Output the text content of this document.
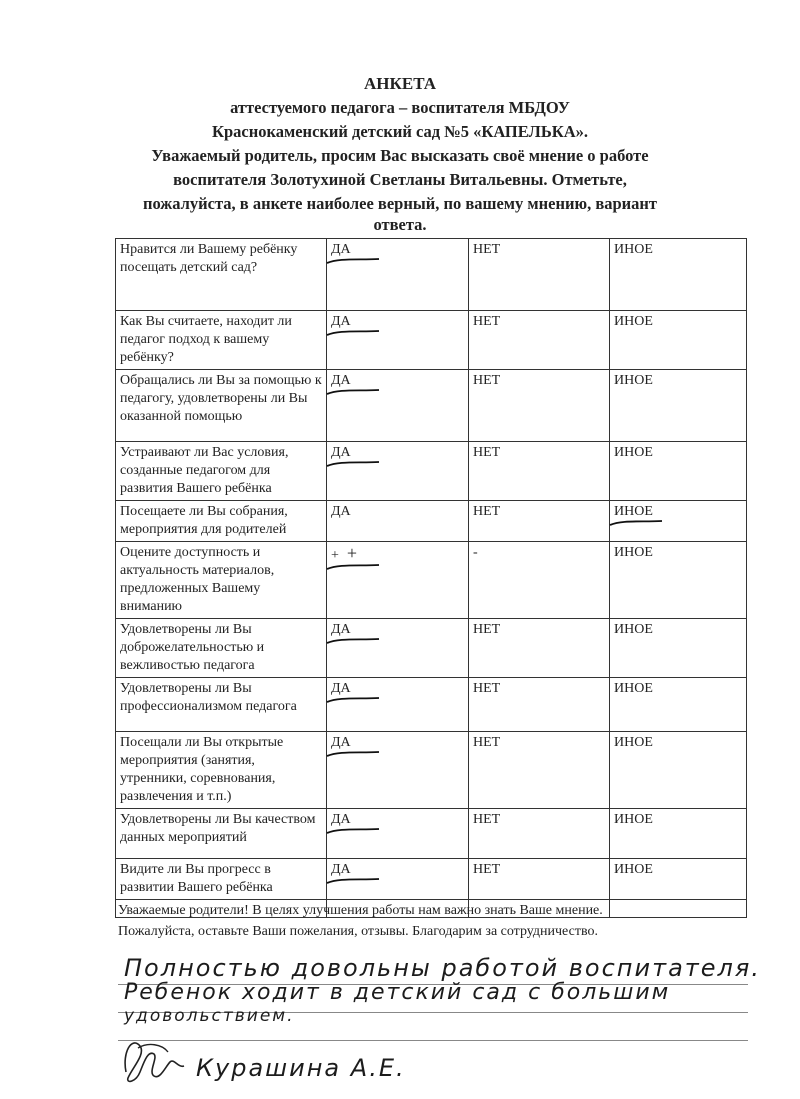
АНКЕТА
аттестуемого педагога – воспитателя МБДОУ
Краснокаменский детский сад №5 «КАПЕЛЬКА».
Уважаемый родитель, просим Вас высказать своё мнение о работе
воспитателя Золотухиной Светланы Витальевны. Отметьте,
пожалуйста, в анкете наиболее верный, по вашему мнению, вариант
ответа.
Нравится ли Вашему ребёнку посещать детский сад?	ДА	НЕТ	ИНОЕ
Как Вы считаете, находит ли педагог подход к вашему ребёнку?	ДА	НЕТ	ИНОЕ
Обращались ли Вы за помощью к педагогу, удовлетворены ли Вы оказанной помощью	ДА	НЕТ	ИНОЕ
Устраивают ли Вас условия, созданные педагогом для развития Вашего ребёнка	ДА	НЕТ	ИНОЕ
Посещаете ли Вы собрания, мероприятия для родителей	ДА	НЕТ	ИНОЕ

Оцените доступность и актуальность материалов, предложенных Вашему вниманию	+ +	-	ИНОЕ
Удовлетворены ли Вы доброжелательностью и вежливостью педагога	ДА	НЕТ	ИНОЕ
Удовлетворены ли Вы профессионализмом педагога	ДА	НЕТ	ИНОЕ
Посещали ли Вы открытые мероприятия (занятия, утренники, соревнования, развлечения и т.п.)	ДА	НЕТ	ИНОЕ
Удовлетворены ли Вы качеством данных мероприятий	ДА	НЕТ	ИНОЕ
Видите ли Вы прогресс в развитии Вашего ребёнка	ДА	НЕТ	ИНОЕ

Уважаемые родители! В целях улучшения работы нам важно знать Ваше мнение.
Пожалуйста, оставьте Ваши пожелания, отзывы. Благодарим за сотрудничество.
Полностью довольны работой воспитателя.
Ребенок ходит в детский сад с большим
удовольствием.
Курашина А.Е.
